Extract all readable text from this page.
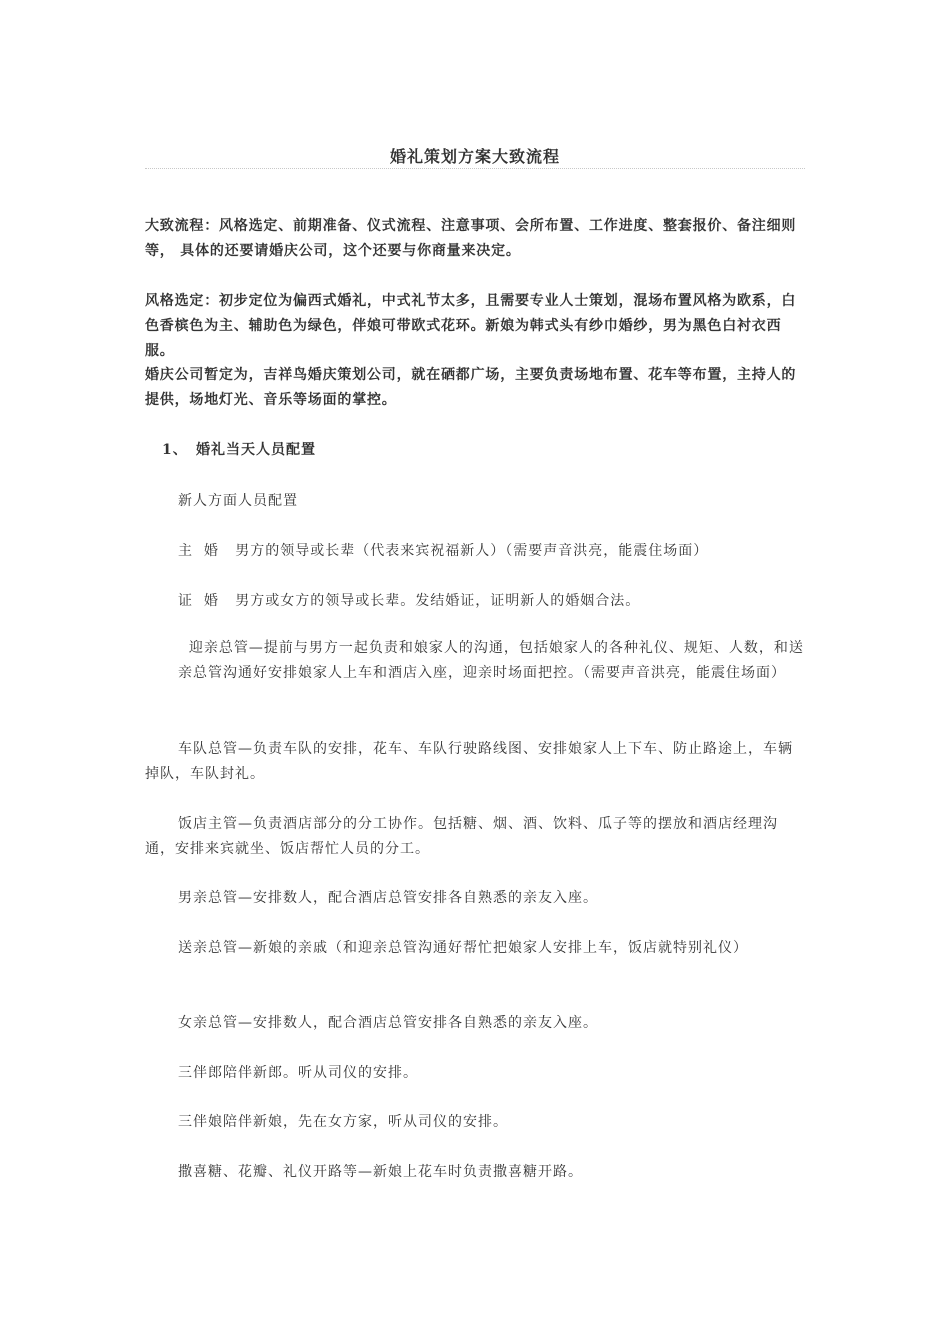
婚礼策划方案大致流程

大致流程：风格选定、前期准备、仪式流程、注意事项、会所布置、工作进度、整套报价、备注细则等， 具体的还要请婚庆公司，这个还要与你商量来决定。

风格选定：初步定位为偏西式婚礼，中式礼节太多，且需要专业人士策划，混场布置风格为欧系，白色香槟色为主、辅助色为绿色，伴娘可带欧式花环。新娘为韩式头有纱巾婚纱，男为黑色白衬衣西服。

婚庆公司暂定为，吉祥鸟婚庆策划公司，就在硒都广场，主要负责场地布置、花车等布置，主持人的提供，场地灯光、音乐等场面的掌控。

1、 婚礼当天人员配置

新人方面人员配置

主  婚   男方的领导或长辈（代表来宾祝福新人）（需要声音洪亮，能震住场面）

证  婚   男方或女方的领导或长辈。发结婚证，证明新人的婚姻合法。

迎亲总管—提前与男方一起负责和娘家人的沟通，包括娘家人的各种礼仪、规矩、人数，和送亲总管沟通好安排娘家人上车和酒店入座，迎亲时场面把控。（需要声音洪亮，能震住场面）

车队总管—负责车队的安排，花车、车队行驶路线图、安排娘家人上下车、防止路途上，车辆掉队，车队封礼。

饭店主管—负责酒店部分的分工协作。包括糖、烟、酒、饮料、瓜子等的摆放和酒店经理沟通，安排来宾就坐、饭店帮忙人员的分工。

男亲总管—安排数人，配合酒店总管安排各自熟悉的亲友入座。

送亲总管—新娘的亲戚（和迎亲总管沟通好帮忙把娘家人安排上车，饭店就特别礼仪）

女亲总管—安排数人，配合酒店总管安排各自熟悉的亲友入座。

三伴郎陪伴新郎。听从司仪的安排。

三伴娘陪伴新娘，先在女方家，听从司仪的安排。

撒喜糖、花瓣、礼仪开路等—新娘上花车时负责撒喜糖开路。
